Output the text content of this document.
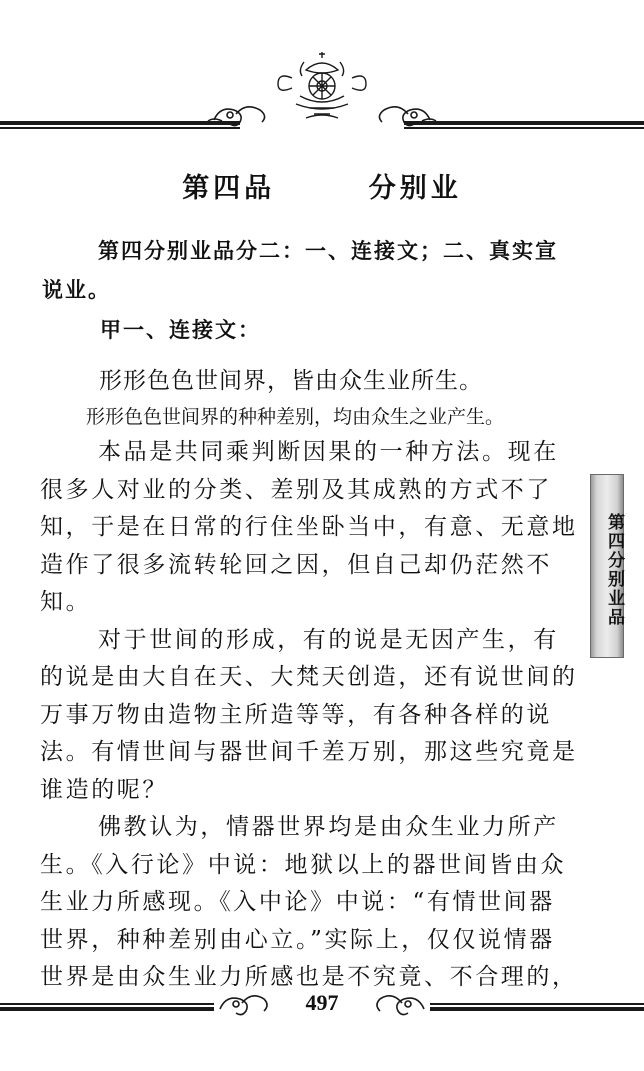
第四品    分别业
第四分别业品分二：一、连接文；二、真实宣说业。
甲一、连接文：
形形色色世间界，皆由众生业所生。
形形色色世间界的种种差别，均由众生之业产生。

本品是共同乘判断因果的一种方法。现在很多人对业的分类、差别及其成熟的方式不了知，于是在日常的行住坐卧当中，有意、无意地造作了很多流转轮回之因，但自己却仍茫然不知。

对于世间的形成，有的说是无因产生，有的说是由大自在天、大梵天创造，还有说世间的万事万物由造物主所造等等，有各种各样的说法。有情世间与器世间千差万别，那这些究竟是谁造的呢？

佛教认为，情器世界均是由众生业力所产生。《入行论》中说：地狱以上的器世间皆由众生业力所感现。《入中论》中说：“有情世间器世界，种种差别由心立。”实际上，仅仅说情器世界是由众生业力所感也是不究竟、不合理的，

第四分别业品
497
